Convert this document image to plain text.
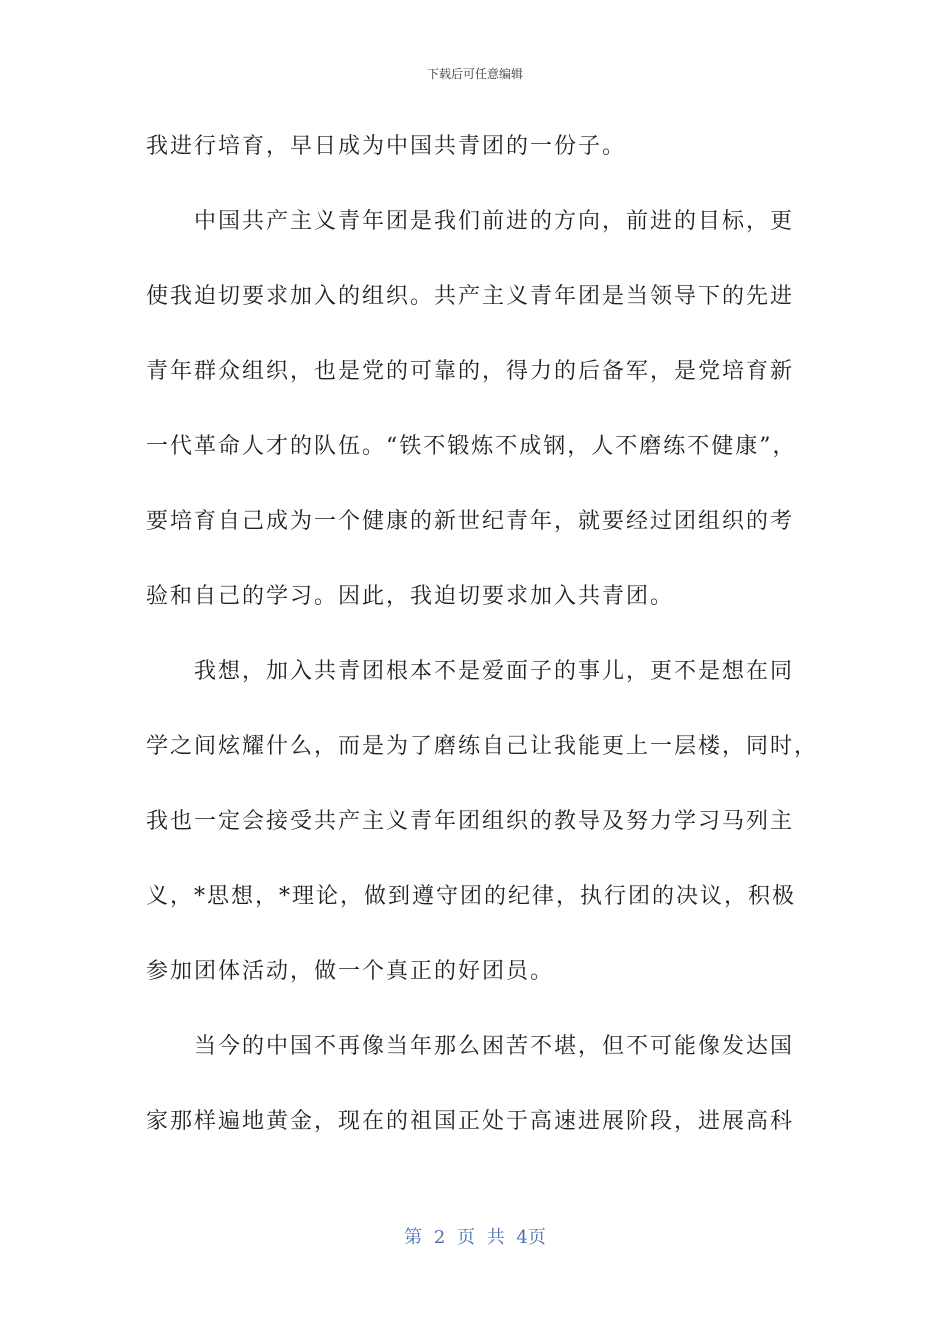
下载后可任意编辑
我进行培育，早日成为中国共青团的一份子。
中国共产主义青年团是我们前进的方向，前进的目标，更
使我迫切要求加入的组织。共产主义青年团是当领导下的先进
青年群众组织，也是党的可靠的，得力的后备军，是党培育新
一代革命人才的队伍。“铁不锻炼不成钢，人不磨练不健康”，
要培育自己成为一个健康的新世纪青年，就要经过团组织的考
验和自己的学习。因此，我迫切要求加入共青团。
我想，加入共青团根本不是爱面子的事儿，更不是想在同
学之间炫耀什么，而是为了磨练自己让我能更上一层楼，同时，
我也一定会接受共产主义青年团组织的教导及努力学习马列主
义，*思想，*理论，做到遵守团的纪律，执行团的决议，积极
参加团体活动，做一个真正的好团员。
当今的中国不再像当年那么困苦不堪，但不可能像发达国
家那样遍地黄金，现在的祖国正处于高速进展阶段，进展高科
第 2 页 共 4页
